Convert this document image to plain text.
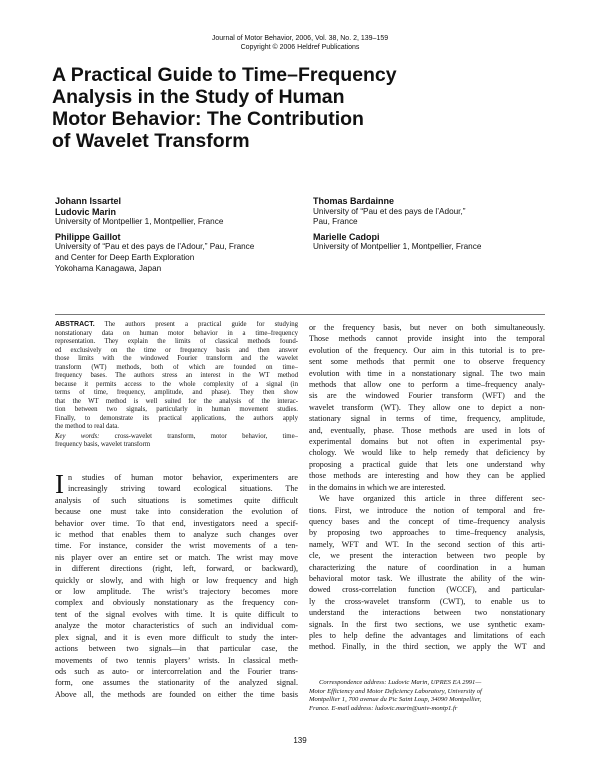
Journal of Motor Behavior, 2006, Vol. 38, No. 2, 139–159
Copyright © 2006 Heldref Publications
A Practical Guide to Time–Frequency
Analysis in the Study of Human
Motor Behavior: The Contribution
of Wavelet Transform
Johann Issartel
Ludovic Marin
University of Montpellier 1, Montpellier, France
Philippe Gaillot
University of “Pau et des pays de l’Adour,” Pau, France
and Center for Deep Earth Exploration
Yokohama Kanagawa, Japan
Thomas Bardainne
University of “Pau et des pays de l’Adour,”
Pau, France
Marielle Cadopi
University of Montpellier 1, Montpellier, France
ABSTRACT. The authors present a practical guide for studying
nonstationary data on human motor behavior in a time–frequency
representation. They explain the limits of classical methods found-
ed exclusively on the time or frequency basis and then answer
those limits with the windowed Fourier transform and the wavelet
transform (WT) methods, both of which are founded on time–
frequency bases. The authors stress an interest in the WT method
because it permits access to the whole complexity of a signal (in
terms of time, frequency, amplitude, and phase). They then show
that the WT method is well suited for the analysis of the interac-
tion between two signals, particularly in human movement studies.
Finally, to demonstrate its practical applications, the authors apply
the method to real data.
Key words: cross-wavelet transform, motor behavior, time–
frequency basis, wavelet transform
I n studies of human motor behavior, experimenters are
increasingly striving toward ecological situations. The
analysis of such situations is sometimes quite difficult
because one must take into consideration the evolution of
behavior over time. To that end, investigators need a specif-
ic method that enables them to analyze such changes over
time. For instance, consider the wrist movements of a ten-
nis player over an entire set or match. The wrist may move
in different directions (right, left, forward, or backward),
quickly or slowly, and with high or low frequency and high
or low amplitude. The wrist’s trajectory becomes more
complex and obviously nonstationary as the frequency con-
tent of the signal evolves with time. It is quite difficult to
analyze the motor characteristics of such an individual com-
plex signal, and it is even more difficult to study the inter-
actions between two signals—in that particular case, the
movements of two tennis players’ wrists. In classical meth-
ods such as auto- or intercorrelation and the Fourier trans-
form, one assumes the stationarity of the analyzed signal.
Above all, the methods are founded on either the time basis
or the frequency basis, but never on both simultaneously.
Those methods cannot provide insight into the temporal
evolution of the frequency. Our aim in this tutorial is to pre-
sent some methods that permit one to observe frequency
evolution with time in a nonstationary signal. The two main
methods that allow one to perform a time–frequency analy-
sis are the windowed Fourier transform (WFT) and the
wavelet transform (WT). They allow one to depict a non-
stationary signal in terms of time, frequency, amplitude,
and, eventually, phase. Those methods are used in lots of
experimental domains but not often in experimental psy-
chology. We would like to help remedy that deficiency by
proposing a practical guide that lets one understand why
those methods are interesting and how they can be applied
in the domains in which we are interested.
We have organized this article in three different sec-
tions. First, we introduce the notion of temporal and fre-
quency bases and the concept of time–frequency analysis
by proposing two approaches to time–frequency analysis,
namely, WFT and WT. In the second section of this arti-
cle, we present the interaction between two people by
characterizing the nature of coordination in a human
behavioral motor task. We illustrate the ability of the win-
dowed cross-correlation function (WCCF), and particular-
ly the cross-wavelet transform (CWT), to enable us to
understand the interactions between two nonstationary
signals. In the first two sections, we use synthetic exam-
ples to help define the advantages and limitations of each
method. Finally, in the third section, we apply the WT and
Correspondence address: Ludovic Marin, UPRES EA 2991—
Motor Efficiency and Motor Deficiency Laboratory, University of
Montpellier 1, 700 avenue du Pic Saint Loup, 34090 Montpellier,
France. E-mail address: ludovic.marin@univ-montp1.fr
139
